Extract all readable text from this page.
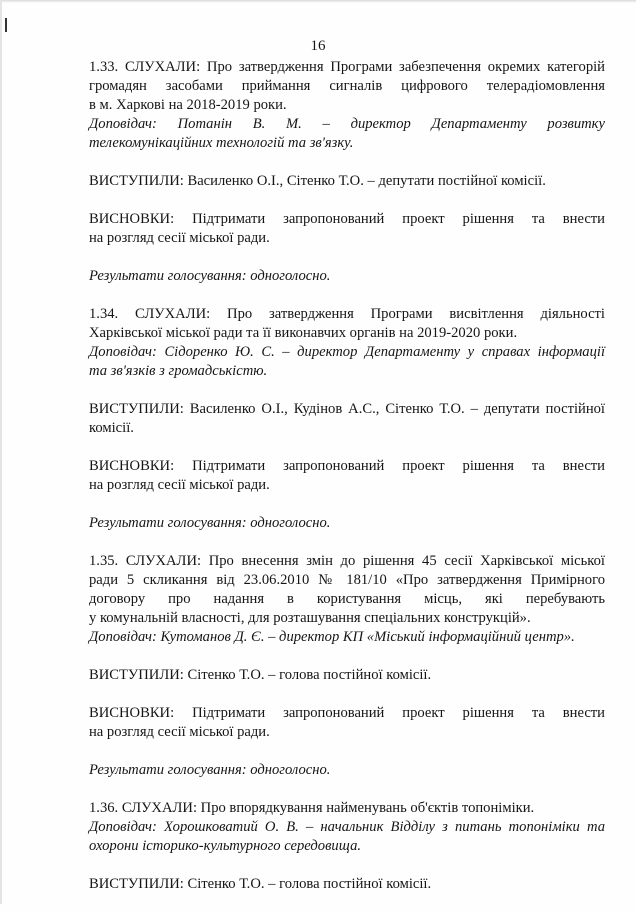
16

1.33. СЛУХАЛИ: Про затвердження Програми забезпечення окремих категорій

громадян засобами приймання сигналів цифрового телерадіомовлення

в м. Харкові на 2018-2019 роки.

Доповідач: Потанін В. М. – директор Департаменту розвитку

телекомунікаційних технологій та зв'язку.

ВИСТУПИЛИ: Василенко О.І., Сітенко Т.О. – депутати постійної комісії.

ВИСНОВКИ: Підтримати запропонований проект рішення та внести

на розгляд сесії міської ради.

Результати голосування: одноголосно.

1.34. СЛУХАЛИ: Про затвердження Програми висвітлення діяльності

Харківської міської ради та її виконавчих органів на 2019-2020 роки.

Доповідач: Сідоренко Ю. С. – директор Департаменту у справах інформації

та зв'язків з громадськістю.

ВИСТУПИЛИ: Василенко О.І., Кудінов А.С., Сітенко Т.О. – депутати постійної

комісії.

ВИСНОВКИ: Підтримати запропонований проект рішення та внести

на розгляд сесії міської ради.

Результати голосування: одноголосно.

1.35. СЛУХАЛИ: Про внесення змін до рішення 45 сесії Харківської міської

ради 5 скликання від 23.06.2010 № 181/10 «Про затвердження Примірного

договору про надання в користування місць, які перебувають

у комунальній власності, для розташування спеціальних конструкцій».

Доповідач: Кутоманов Д. Є. – директор КП «Міський інформаційний центр».

ВИСТУПИЛИ: Сітенко Т.О. – голова постійної комісії.

ВИСНОВКИ: Підтримати запропонований проект рішення та внести

на розгляд сесії міської ради.

Результати голосування: одноголосно.

1.36. СЛУХАЛИ: Про впорядкування найменувань об'єктів топоніміки.

Доповідач: Хорошковатий О. В. – начальник Відділу з питань топоніміки та

охорони історико-культурного середовища.

ВИСТУПИЛИ: Сітенко Т.О. – голова постійної комісії.
